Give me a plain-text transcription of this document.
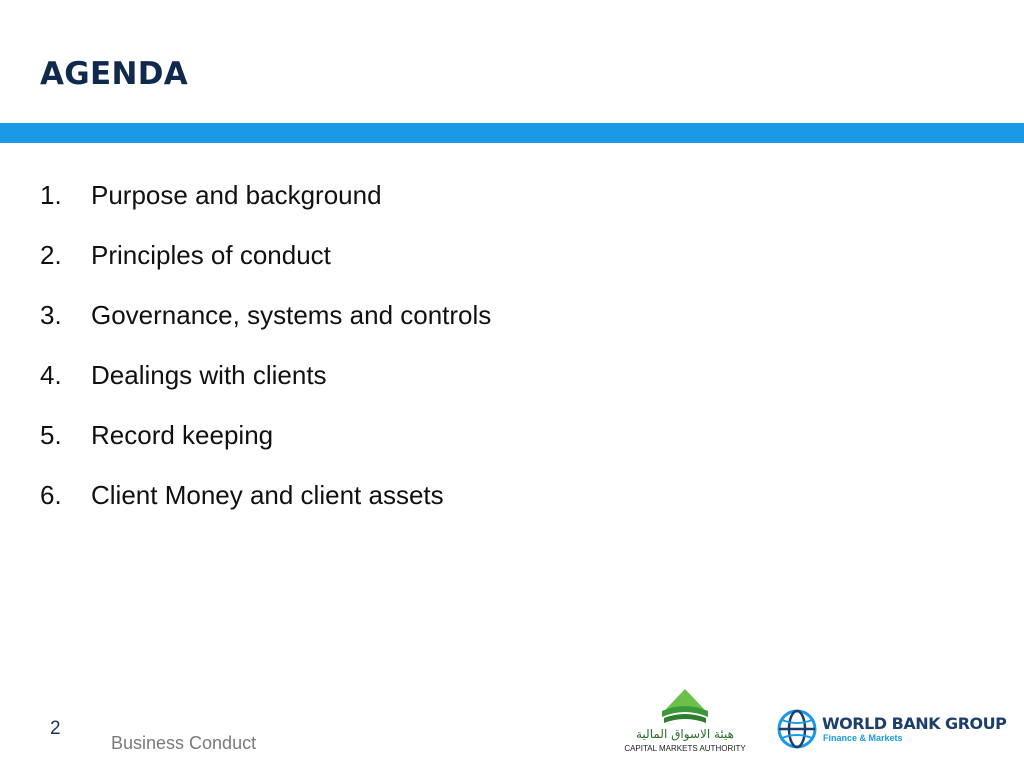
AGENDA
1.	Purpose and background
2.	Principles of conduct
3.	Governance, systems and controls
4.	Dealings with clients
5.	Record keeping
6.	Client Money and client assets
2
Business Conduct	هيئة الاسواق المالية
CAPITAL MARKETS AUTHORITY
WORLD BANK GROUP
Finance & Markets
